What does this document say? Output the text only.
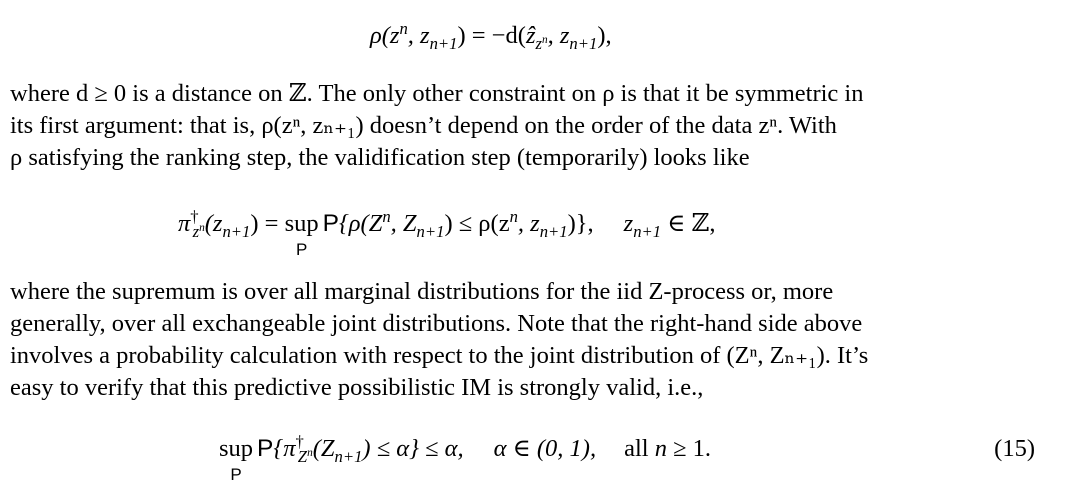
$\rho(z^n$, $z_{n+1}$) = −d(ẑ$_{z^n}$, $z_{n+1}$),
where d ≥ 0 is a distance on ℤ. The only other constraint on ρ is that it be symmetric in
its first argument: that is, ρ(zⁿ, zₙ₊₁) doesn’t depend on the order of the data zⁿ. With
ρ satisfying the ranking step, the validification step (temporarily) looks like
$\pi^\dagger_{z^n}(z_{n+1})$ = sup
P
$P\{\rho(Z^n$, $Z_{n+1}) \le \rho(z^n$, $z_{n+1}$)}, $z_{n+1}$ ∈ ℤ,
where the supremum is over all marginal distributions for the iid Z-process or, more
generally, over all exchangeable joint distributions. Note that the right-hand side above
involves a probability calculation with respect to the joint distribution of (Zⁿ, Zₙ₊₁). It’s
easy to verify that this predictive possibilistic IM is strongly valid, i.e.,
sup
P
$P\{\pi^\dagger_{Z^n}(Z_{n+1}) \le \alpha\} \le \alpha$, α ∈ (0, 1), all n ≥ 1.	(15)
